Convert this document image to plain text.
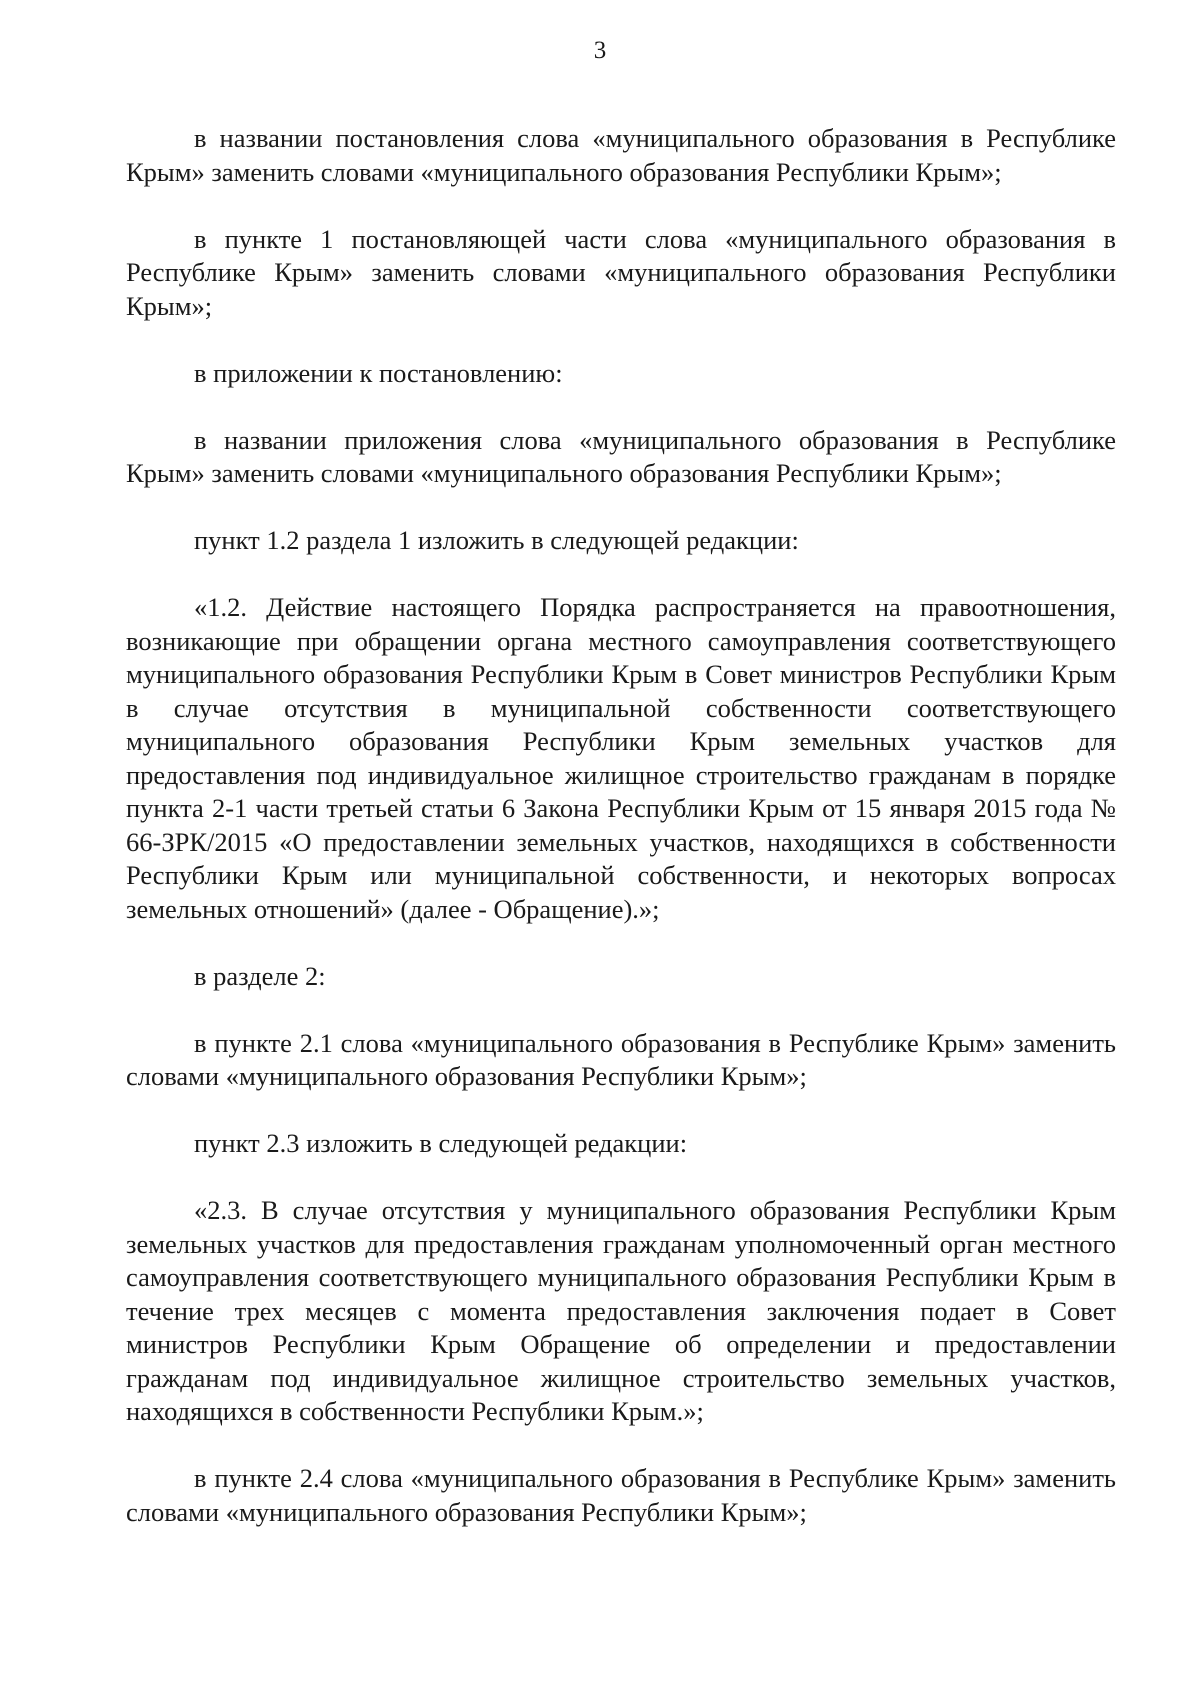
3

в названии постановления слова «муниципального образования в Республике Крым» заменить словами «муниципального образования Республики Крым»;

в пункте 1 постановляющей части слова «муниципального образования в Республике Крым» заменить словами «муниципального образования Республики Крым»;

в приложении к постановлению:

в названии приложения слова «муниципального образования в Республике Крым» заменить словами «муниципального образования Республики Крым»;

пункт 1.2 раздела 1 изложить в следующей редакции:

«1.2. Действие настоящего Порядка распространяется на правоотношения, возникающие при обращении органа местного самоуправления соответствующего муниципального образования Республики Крым в Совет министров Республики Крым в случае отсутствия в муниципальной собственности соответствующего муниципального образования Республики Крым земельных участков для предоставления под индивидуальное жилищное строительство гражданам в порядке пункта 2-1 части третьей статьи 6 Закона Республики Крым от 15 января 2015 года № 66-ЗРК/2015 «О предоставлении земельных участков, находящихся в собственности Республики Крым или муниципальной собственности, и некоторых вопросах земельных отношений» (далее - Обращение).»;

в разделе 2:

в пункте 2.1 слова «муниципального образования в Республике Крым» заменить словами «муниципального образования Республики Крым»;

пункт 2.3 изложить в следующей редакции:

«2.3. В случае отсутствия у муниципального образования Республики Крым земельных участков для предоставления гражданам уполномоченный орган местного самоуправления соответствующего муниципального образования Республики Крым в течение трех месяцев с момента предоставления заключения подает в Совет министров Республики Крым Обращение об определении и предоставлении гражданам под индивидуальное жилищное строительство земельных участков, находящихся в собственности Республики Крым.»;

в пункте 2.4 слова «муниципального образования в Республике Крым» заменить словами «муниципального образования Республики Крым»;
